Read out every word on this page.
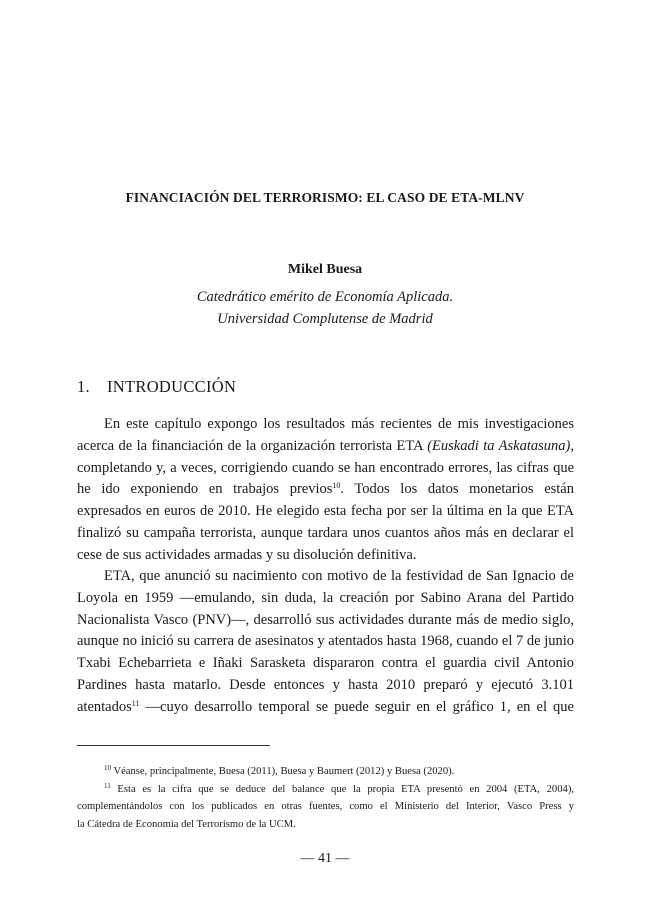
FINANCIACIÓN DEL TERRORISMO: EL CASO DE ETA-MLNV
Mikel Buesa
Catedrático emérito de Economía Aplicada.
Universidad Complutense de Madrid
1. INTRODUCCIÓN
En este capítulo expongo los resultados más recientes de mis investigaciones
acerca de la financiación de la organización terrorista ETA (Euskadi ta Askatasuna),
completando y, a veces, corrigiendo cuando se han encontrado errores, las cifras que
he ido exponiendo en trabajos previos$^{10}$. Todos los datos monetarios están
expresados en euros de 2010. He elegido esta fecha por ser la última en la que ETA
finalizó su campaña terrorista, aunque tardara unos cuantos años más en declarar el
cese de sus actividades armadas y su disolución definitiva.
ETA, que anunció su nacimiento con motivo de la festividad de San Ignacio de
Loyola en 1959 —emulando, sin duda, la creación por Sabino Arana del Partido
Nacionalista Vasco (PNV)—, desarrolló sus actividades durante más de medio siglo,
aunque no inició su carrera de asesinatos y atentados hasta 1968, cuando el 7 de junio
Txabi Echebarrieta e Iñaki Sarasketa dispararon contra el guardia civil Antonio
Pardines hasta matarlo. Desde entonces y hasta 2010 preparó y ejecutó 3.101
atentados$^{11}$ —cuyo desarrollo temporal se puede seguir en el gráfico 1, en el que
$^{10}$ Véanse, principalmente, Buesa (2011), Buesa y Baumert (2012) y Buesa (2020).
$^{11}$ Esta es la cifra que se deduce del balance que la propia ETA presentó en 2004 (ETA, 2004),
complementándolos con los publicados en otras fuentes, como el Ministerio del Interior, Vasco Press y
la Cátedra de Economía del Terrorismo de la UCM.
— 41 —
